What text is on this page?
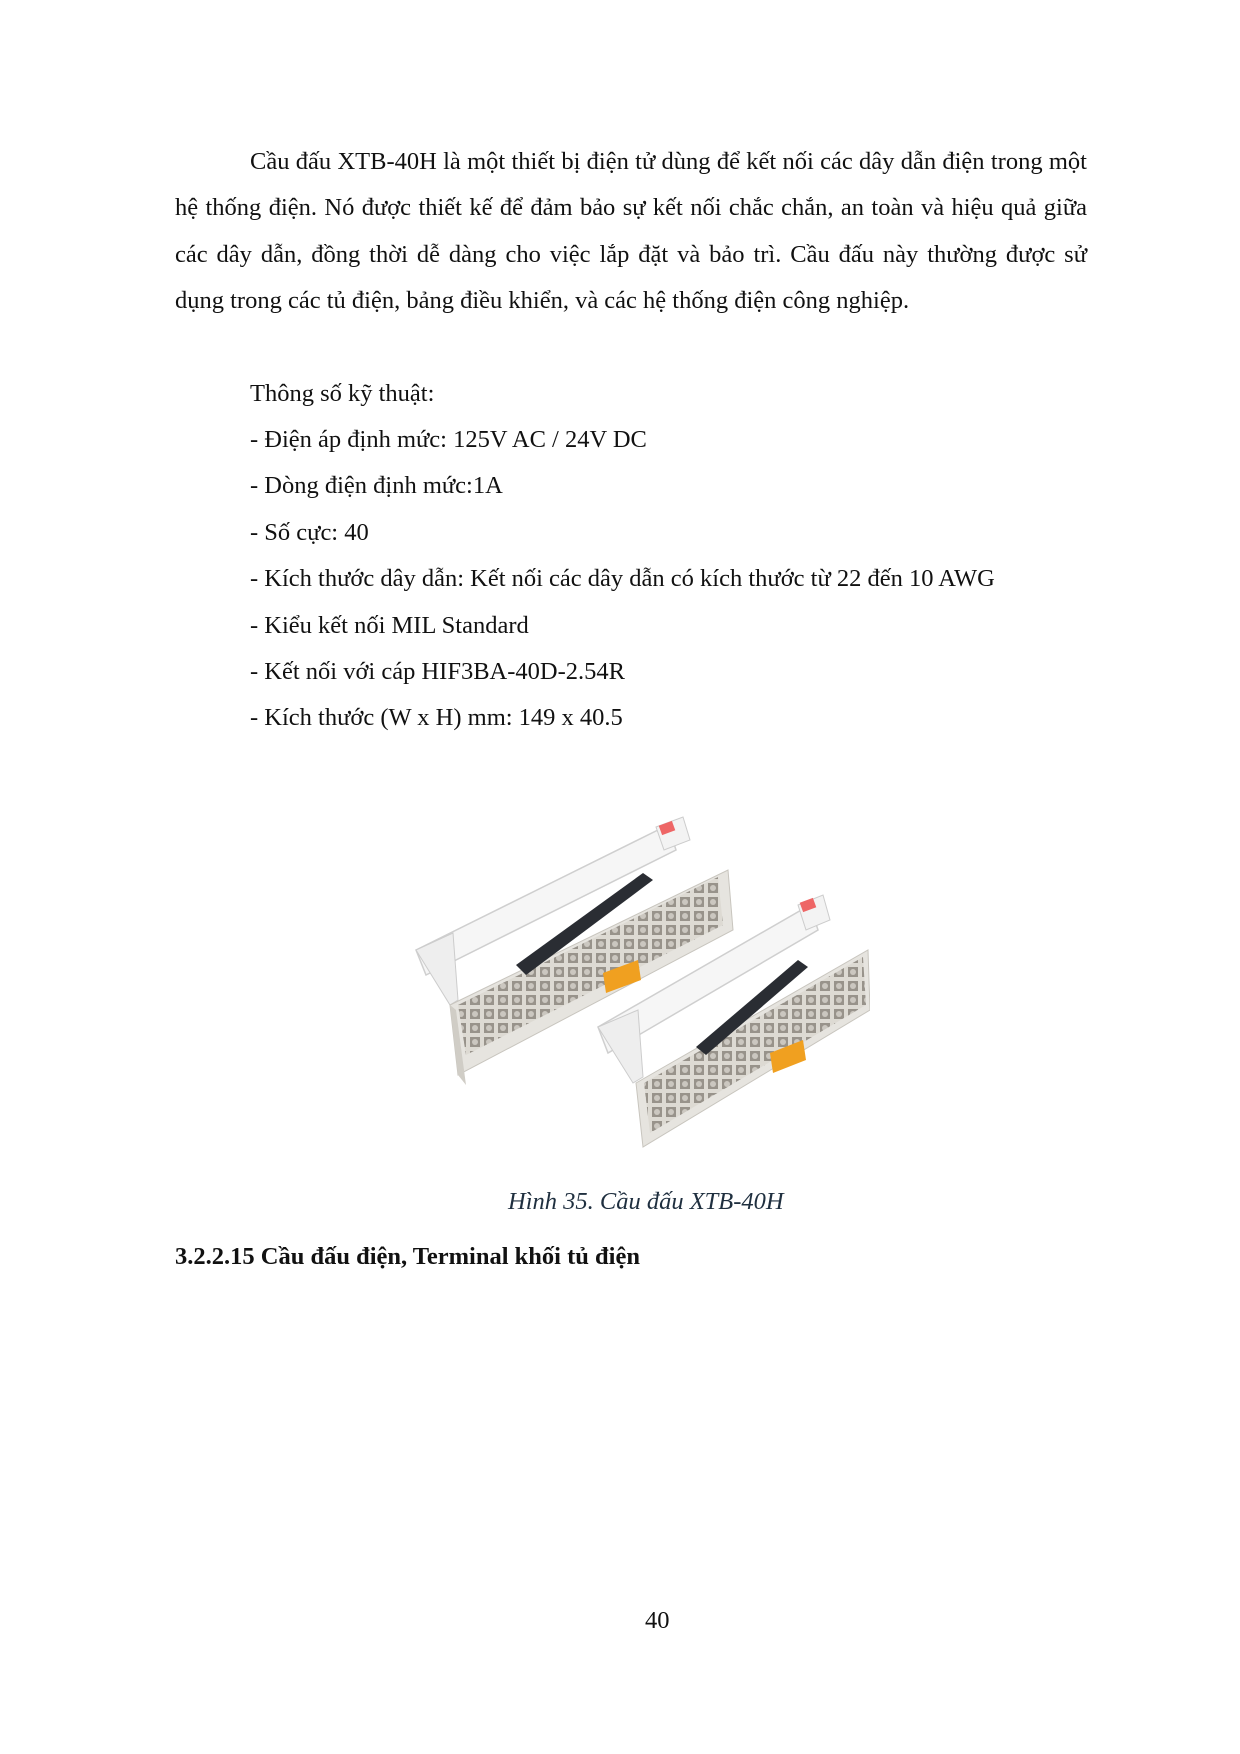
Cầu đấu XTB-40H là một thiết bị điện tử dùng để kết nối các dây dẫn điện trong một hệ thống điện. Nó được thiết kế để đảm bảo sự kết nối chắc chắn, an toàn và hiệu quả giữa các dây dẫn, đồng thời dễ dàng cho việc lắp đặt và bảo trì. Cầu đấu này thường được sử dụng trong các tủ điện, bảng điều khiển, và các hệ thống điện công nghiệp.

Thông số kỹ thuật:

- Điện áp định mức: 125V AC / 24V DC
- Dòng điện định mức:1A
- Số cực: 40
- Kích thước dây dẫn: Kết nối các dây dẫn có kích thước từ 22 đến 10 AWG
- Kiểu kết nối MIL Standard
- Kết nối với cáp HIF3BA-40D-2.54R
- Kích thước (W x H) mm: 149 x 40.5
Hình 35. Cầu đấu XTB-40H
3.2.2.15 Cầu đấu điện, Terminal khối tủ điện
40
